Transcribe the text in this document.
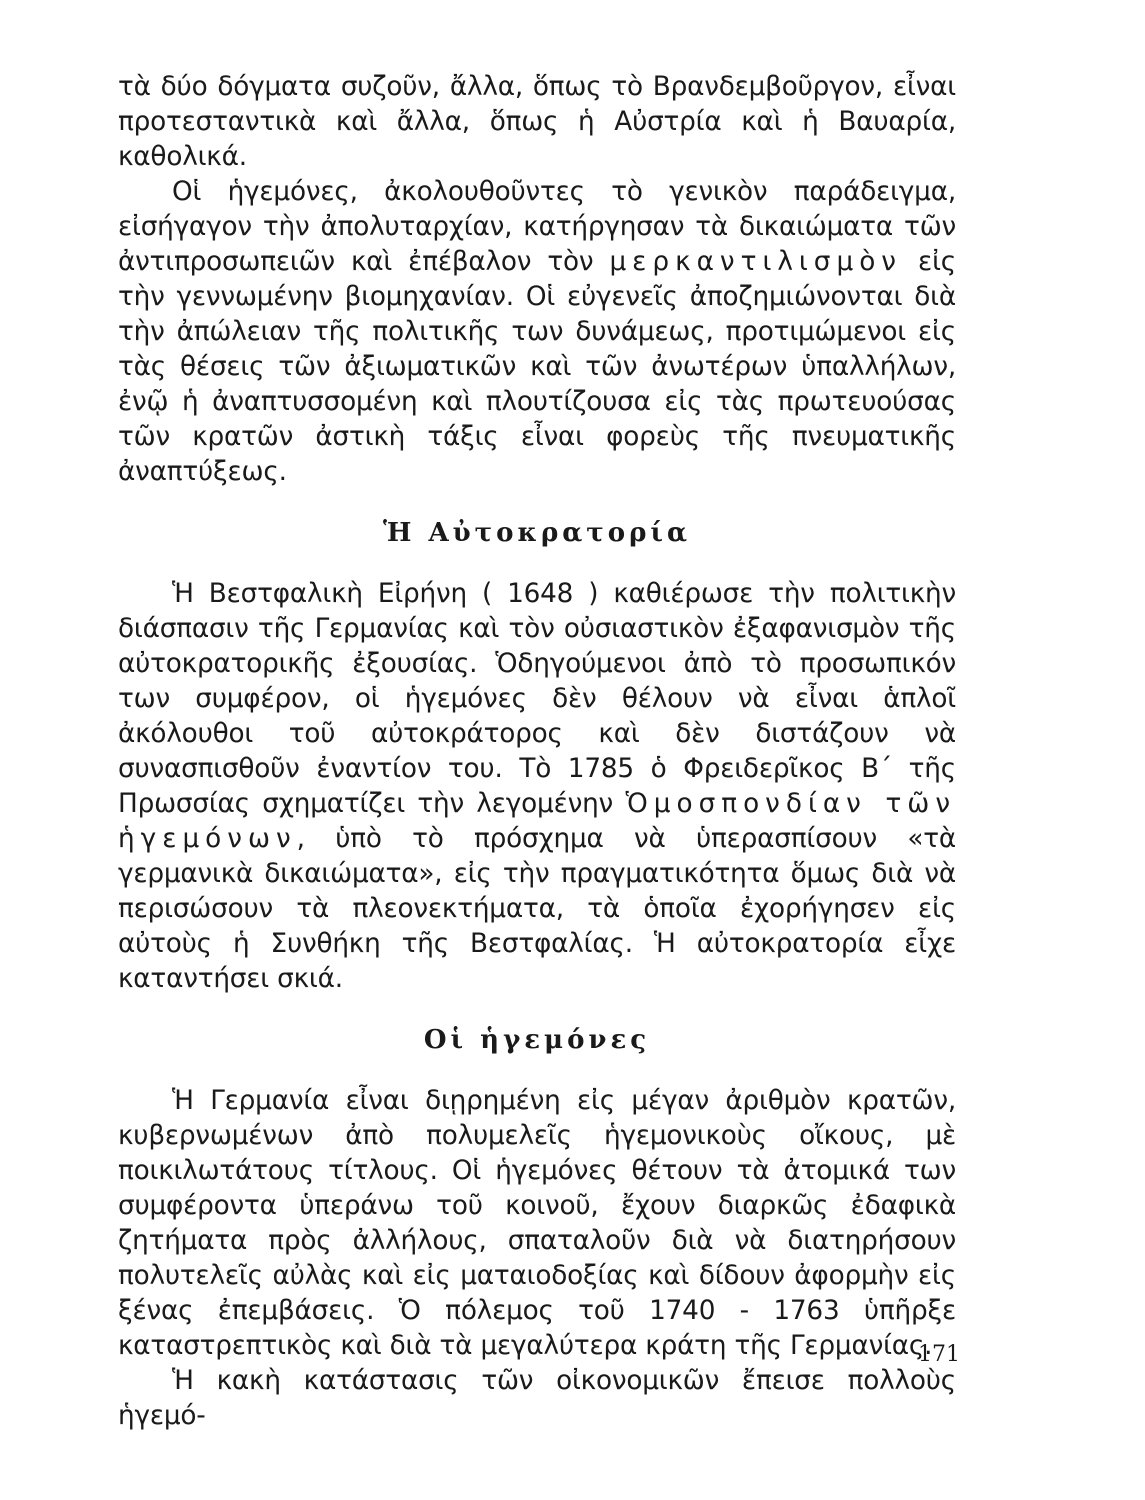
τὰ δύο δόγματα συζοῦν, ἄλλα, ὅπως τὸ Βρανδεμβοῦργον, εἶναι προτεσταντικὰ καὶ ἄλλα, ὅπως ἡ Αὐστρία καὶ ἡ Βαυαρία, καθολικά.

Οἱ ἡγεμόνες, ἀκολουθοῦντες τὸ γενικὸν παράδειγμα, εἰσήγαγον τὴν ἀπολυταρχίαν, κατήργησαν τὰ δικαιώματα τῶν ἀντιπροσωπειῶν καὶ ἐπέβαλον τὸν μερκαντιλισμὸν εἰς τὴν γεννωμένην βιομηχανίαν. Οἱ εὐγενεῖς ἀποζημιώνονται διὰ τὴν ἀπώλειαν τῆς πολιτικῆς των δυνάμεως, προτιμώμενοι εἰς τὰς θέσεις τῶν ἀξιωματικῶν καὶ τῶν ἀνωτέρων ὑπαλλήλων, ἐνῷ ἡ ἀναπτυσσομένη καὶ πλουτίζουσα εἰς τὰς πρωτευούσας τῶν κρατῶν ἀστικὴ τάξις εἶναι φορεὺς τῆς πνευματικῆς ἀναπτύξεως.

Ἡ Αὐτοκρατορία

Ἡ Βεστφαλικὴ Εἰρήνη ( 1648 ) καθιέρωσε τὴν πολιτικὴν διάσπασιν τῆς Γερμανίας καὶ τὸν οὐσιαστικὸν ἐξαφανισμὸν τῆς αὐτοκρατορικῆς ἐξουσίας. Ὁδηγούμενοι ἀπὸ τὸ προσωπικόν των συμφέρον, οἱ ἡγεμόνες δὲν θέλουν νὰ εἶναι ἁπλοῖ ἀκόλουθοι τοῦ αὐτοκράτορος καὶ δὲν διστάζουν νὰ συνασπισθοῦν ἐναντίον του. Τὸ 1785 ὁ Φρειδερῖκος Β΄ τῆς Πρωσσίας σχηματίζει τὴν λεγομένην Ὁμοσπονδίαν τῶν ἡγεμόνων, ὑπὸ τὸ πρόσχημα νὰ ὑπερασπίσουν «τὰ γερμανικὰ δικαιώματα», εἰς τὴν πραγματικότητα ὅμως διὰ νὰ περισώσουν τὰ πλεονεκτήματα, τὰ ὁποῖα ἐχορήγησεν εἰς αὐτοὺς ἡ Συνθήκη τῆς Βεστφαλίας. Ἡ αὐτοκρατορία εἶχε καταντήσει σκιά.

Οἱ ἡγεμόνες

Ἡ Γερμανία εἶναι διῃρημένη εἰς μέγαν ἀριθμὸν κρατῶν, κυβερνωμένων ἀπὸ πολυμελεῖς ἡγεμονικοὺς οἴκους, μὲ ποικιλωτάτους τίτλους. Οἱ ἡγεμόνες θέτουν τὰ ἀτομικά των συμφέροντα ὑπεράνω τοῦ κοινοῦ, ἔχουν διαρκῶς ἐδαφικὰ ζητήματα πρὸς ἀλλήλους, σπαταλοῦν διὰ νὰ διατηρήσουν πολυτελεῖς αὐλὰς καὶ εἰς ματαιοδοξίας καὶ δίδουν ἀφορμὴν εἰς ξένας ἐπεμβάσεις. Ὁ πόλεμος τοῦ 1740 - 1763 ὑπῆρξε καταστρεπτικὸς καὶ διὰ τὰ μεγαλύτερα κράτη τῆς Γερμανίας.

Ἡ κακὴ κατάστασις τῶν οἰκονομικῶν ἔπεισε πολλοὺς ἡγεμό-

171
